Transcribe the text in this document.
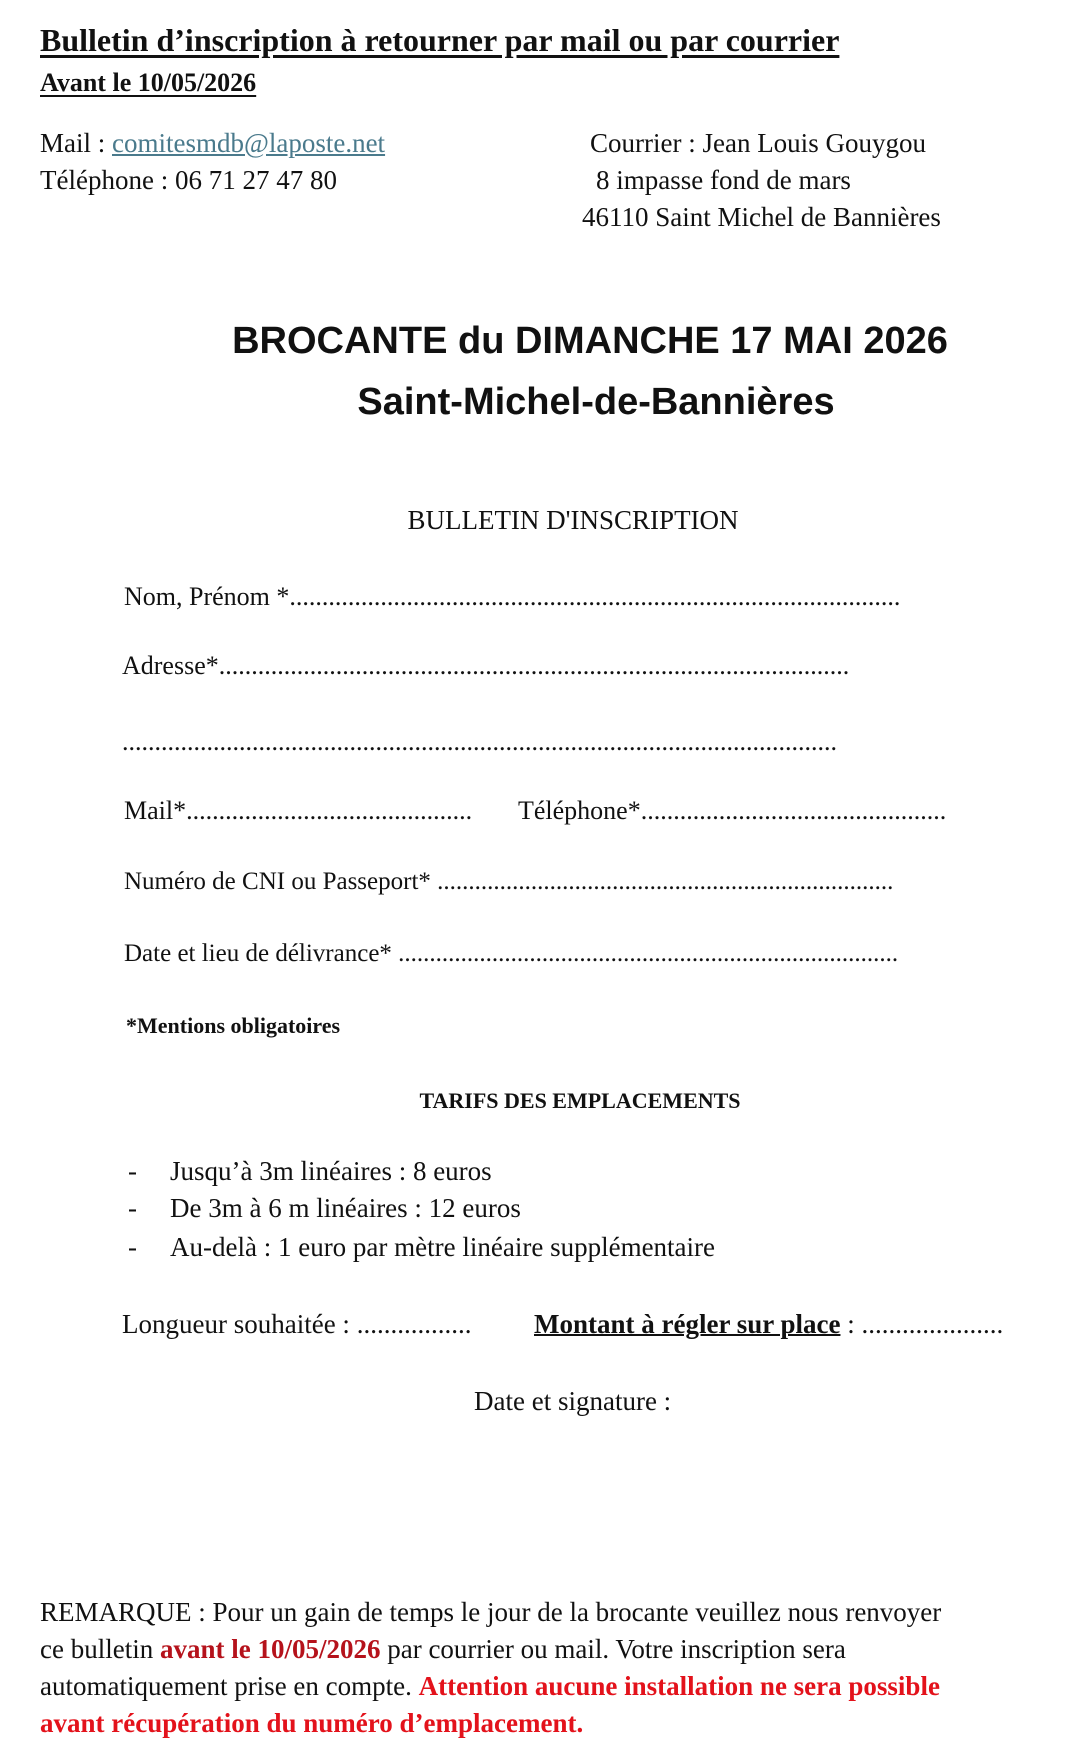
Bulletin d’inscription à retourner par mail ou par courrier
Avant le 10/05/2026
Mail : comitesmdb@laposte.net
Téléphone : 06 71 27 47 80
Courrier : Jean Louis Gouygou
8 impasse fond de mars
46110 Saint Michel de Bannières
BROCANTE du DIMANCHE 17 MAI 2026
Saint-Michel-de-Bannières
BULLETIN D'INSCRIPTION
Nom, Prénom *..............................................................................................
Adresse*.................................................................................................
..............................................................................................................
Mail*............................................ Téléphone*...............................................
Numéro de CNI ou Passeport* .........................................................................
Date et lieu de délivrance* ................................................................................
*Mentions obligatoires
TARIFS DES EMPLACEMENTS
- Jusqu’à 3m linéaires : 8 euros
- De 3m à 6 m linéaires : 12 euros
- Au-delà : 1 euro par mètre linéaire supplémentaire
Longueur souhaitée : ................. Montant à régler sur place : .....................
Date et signature :
REMARQUE : Pour un gain de temps le jour de la brocante veuillez nous renvoyer
ce bulletin avant le 10/05/2026 par courrier ou mail. Votre inscription sera
automatiquement prise en compte. Attention aucune installation ne sera possible
avant récupération du numéro d’emplacement.
